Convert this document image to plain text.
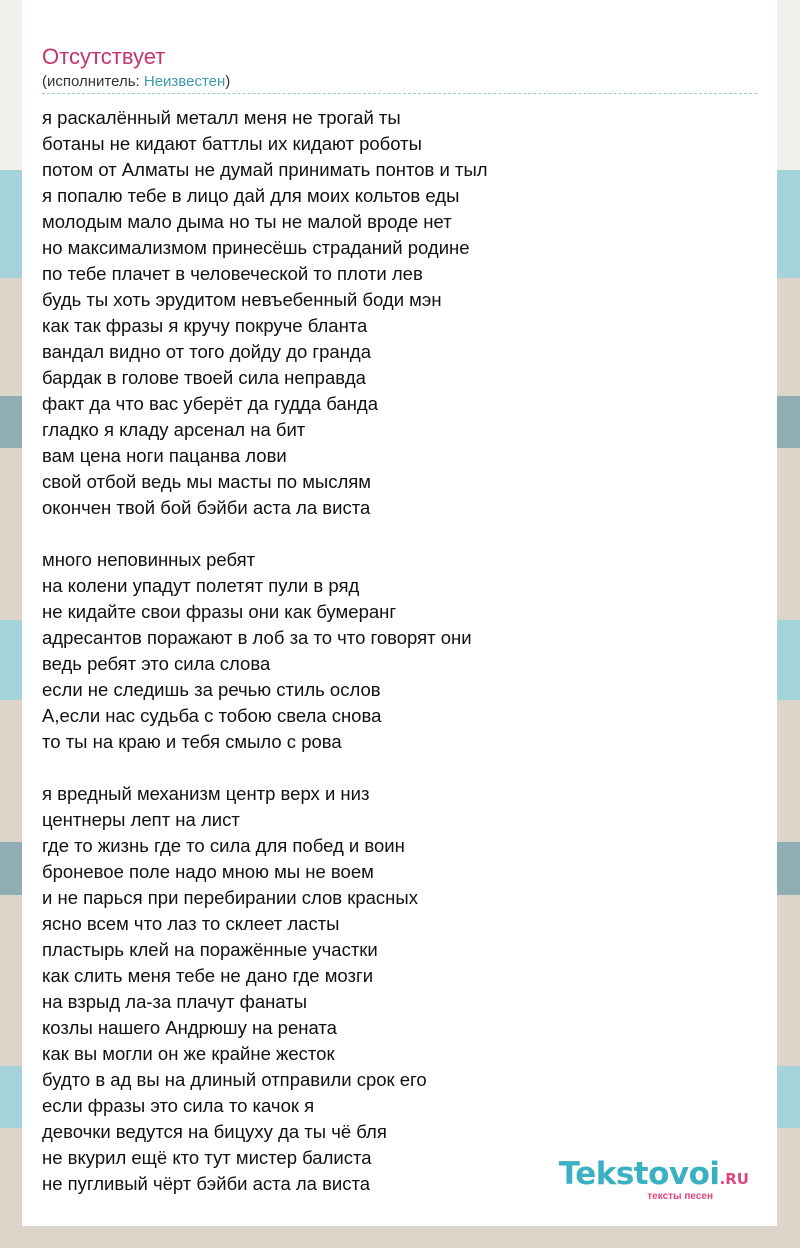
Отсутствует
(исполнитель: Неизвестен)
я раскалённый металл меня не трогай ты
ботаны не кидают баттлы их кидают роботы
потом от Алматы не думай принимать понтов и тыл
я попалю тебе в лицо дай для моих кольтов еды
молодым мало дыма но ты не малой вроде нет
но максимализмом принесёшь страданий родине
по тебе плачет в человеческой то плоти лев
будь ты хоть эрудитом невъебенный боди мэн
как так фразы я кручу покруче бланта
вандал видно от того дойду до гранда
бардак в голове твоей сила неправда
факт да что вас уберёт да гудда банда
гладко я кладу арсенал на бит
вам цена ноги пацанва лови
свой отбой ведь мы масты по мыслям
окончен твой бой бэйби аста ла виста
много неповинных ребят
на колени упадут полетят пули в ряд
не кидайте свои фразы они как бумеранг
адресантов поражают в лоб за то что говорят они
ведь ребят это сила слова
если не следишь за речью стиль ослов
А,если нас судьба с тобою свела снова
то ты на краю и тебя смыло с рова
я вредный механизм центр верх и низ
центнеры лепт на лист
где то жизнь где то сила для побед и воин
броневое поле надо мною мы не воем
и не парься при перебирании слов красных
ясно всем что лаз то склеет ласты
пластырь клей на поражённые участки
как слить меня тебе не дано где мозги
на взрыд ла-за плачут фанаты
козлы нашего Андрюшу на рената
как вы могли он же крайне жесток
будто в ад вы на длиный отправили срок его
если фразы это сила то качок я
девочки ведутся на бицуху да ты чё бля
не вкурил ещё кто тут мистер балиста
не пугливый чёрт бэйби аста ла виста	Tekstovoi.RU
тексты песен
